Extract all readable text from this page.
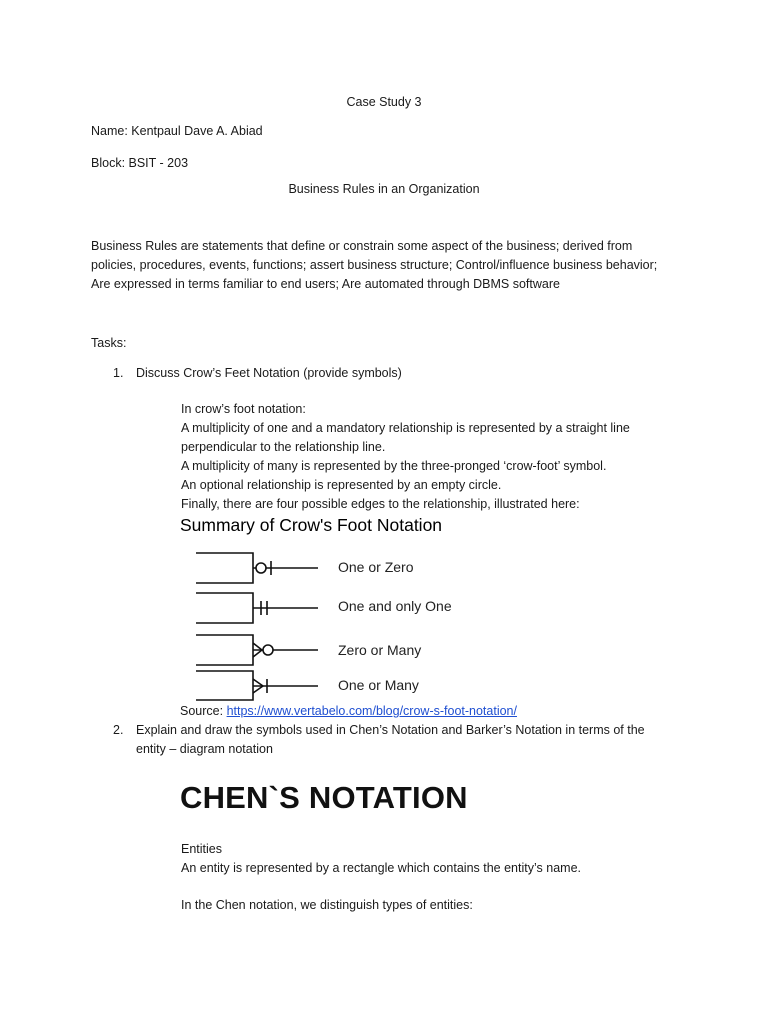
Case Study 3
Name: Kentpaul Dave A. Abiad
Block: BSIT - 203
Business Rules in an Organization
Business Rules are statements that define or constrain some aspect of the business; derived from
policies, procedures, events, functions; assert business structure; Control/influence business behavior;
Are expressed in terms familiar to end users; Are automated through DBMS software
Tasks:
1. Discuss Crow’s Feet Notation (provide symbols)
In crow’s foot notation:
A multiplicity of one and a mandatory relationship is represented by a straight line
perpendicular to the relationship line.
A multiplicity of many is represented by the three-pronged ‘crow-foot’ symbol.
An optional relationship is represented by an empty circle.
Finally, there are four possible edges to the relationship, illustrated here:
Summary of Crow's Foot Notation
One or Zero
One and only One
Zero or Many
One or Many
Source: https://www.vertabelo.com/blog/crow-s-foot-notation/
2. Explain and draw the symbols used in Chen’s Notation and Barker’s Notation in terms of the
entity – diagram notation
CHEN`S NOTATION
Entities
An entity is represented by a rectangle which contains the entity’s name.
In the Chen notation, we distinguish types of entities:
